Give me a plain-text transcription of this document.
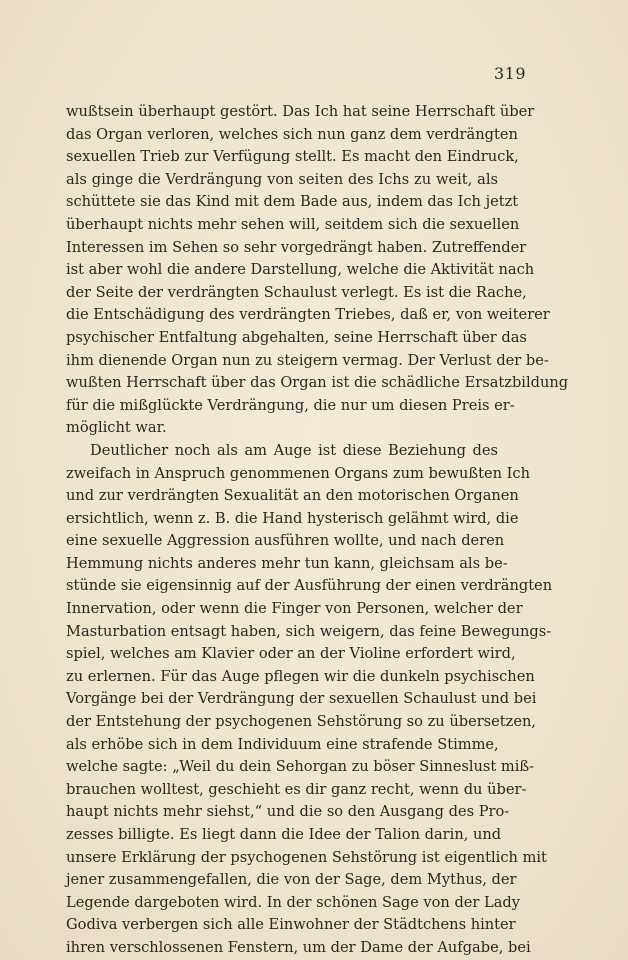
319
wußtsein überhaupt gestört. Das Ich hat seine Herrschaft über
das Organ verloren, welches sich nun ganz dem verdrängten
sexuellen Trieb zur Verfügung stellt. Es macht den Eindruck,
als ginge die Verdrängung von seiten des Ichs zu weit, als
schüttete sie das Kind mit dem Bade aus, indem das Ich jetzt
überhaupt nichts mehr sehen will, seitdem sich die sexuellen
Interessen im Sehen so sehr vorgedrängt haben. Zutreffender
ist aber wohl die andere Darstellung, welche die Aktivität nach
der Seite der verdrängten Schaulust verlegt. Es ist die Rache,
die Entschädigung des verdrängten Triebes, daß er, von weiterer
psychischer Entfaltung abgehalten, seine Herrschaft über das
ihm dienende Organ nun zu steigern vermag. Der Verlust der be-
wußten Herrschaft über das Organ ist die schädliche Ersatzbildung
für die mißglückte Verdrängung, die nur um diesen Preis er-
möglicht war.
Deutlicher noch als am Auge ist diese Beziehung des
zweifach in Anspruch genommenen Organs zum bewußten Ich
und zur verdrängten Sexualität an den motorischen Organen
ersichtlich, wenn z. B. die Hand hysterisch gelähmt wird, die
eine sexuelle Aggression ausführen wollte, und nach deren
Hemmung nichts anderes mehr tun kann, gleichsam als be-
stünde sie eigensinnig auf der Ausführung der einen verdrängten
Innervation, oder wenn die Finger von Personen, welcher der
Masturbation entsagt haben, sich weigern, das feine Bewegungs-
spiel, welches am Klavier oder an der Violine erfordert wird,
zu erlernen. Für das Auge pflegen wir die dunkeln psychischen
Vorgänge bei der Verdrängung der sexuellen Schaulust und bei
der Entstehung der psychogenen Sehstörung so zu übersetzen,
als erhöbe sich in dem Individuum eine strafende Stimme,
welche sagte: „Weil du dein Sehorgan zu böser Sinneslust miß-
brauchen wolltest, geschieht es dir ganz recht, wenn du über-
haupt nichts mehr siehst,“ und die so den Ausgang des Pro-
zesses billigte. Es liegt dann die Idee der Talion darin, und
unsere Erklärung der psychogenen Sehstörung ist eigentlich mit
jener zusammengefallen, die von der Sage, dem Mythus, der
Legende dargeboten wird. In der schönen Sage von der Lady
Godiva verbergen sich alle Einwohner der Städtchens hinter
ihren verschlossenen Fenstern, um der Dame der Aufgabe, bei
